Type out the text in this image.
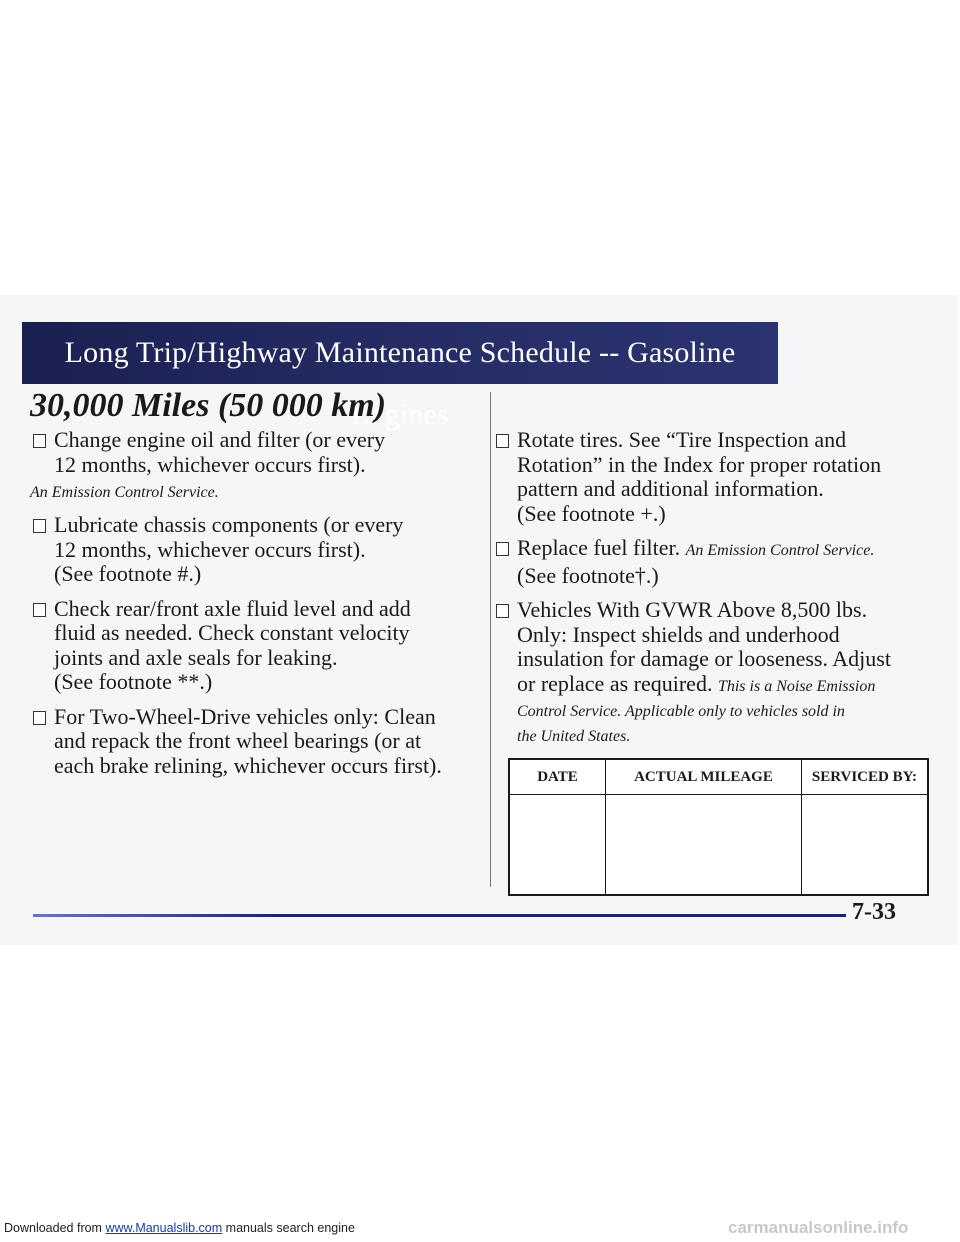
Long Trip/Highway Maintenance Schedule -- Gasoline Engines
30,000 Miles (50 000 km)
Change engine oil and filter (or every
12 months, whichever occurs first).
An Emission Control Service.
Lubricate chassis components (or every
12 months, whichever occurs first).
(See footnote #.)
Check rear/front axle fluid level and add
fluid as needed. Check constant velocity
joints and axle seals for leaking.
(See footnote **.)
For Two-Wheel-Drive vehicles only: Clean
and repack the front wheel bearings (or at
each brake relining, whichever occurs first).
Rotate tires. See “Tire Inspection and
Rotation” in the Index for proper rotation
pattern and additional information.
(See footnote +.)
Replace fuel filter. An Emission Control Service.
(See footnote†.)
Vehicles With GVWR Above 8,500 lbs.
Only: Inspect shields and underhood
insulation for damage or looseness. Adjust
or replace as required. This is a Noise Emission
Control Service. Applicable only to vehicles sold in
the United States.
DATE	ACTUAL MILEAGE	SERVICED BY:

7-33
Downloaded from www.Manualslib.com manuals search engine	carmanualsonline.info
